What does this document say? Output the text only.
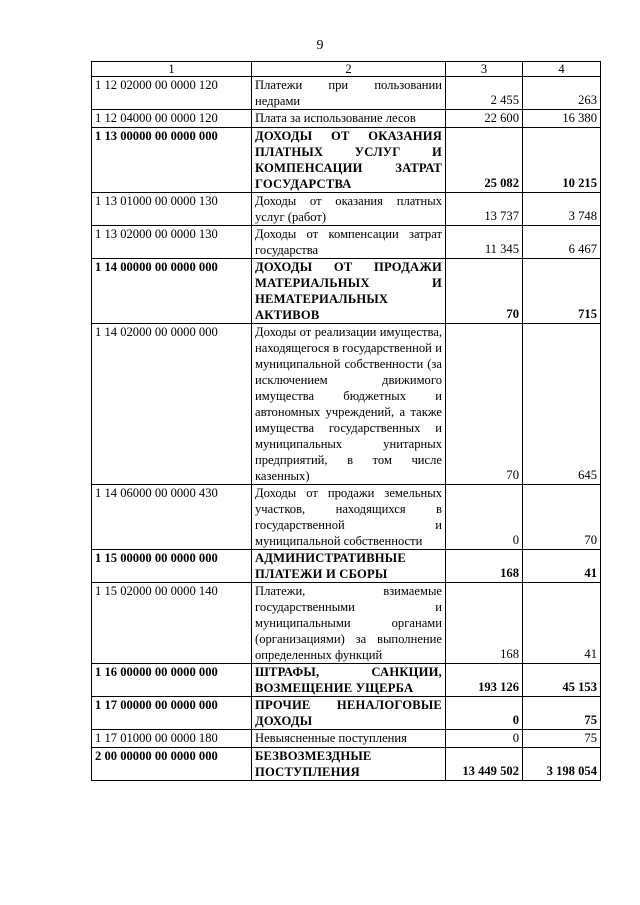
9
1	2	3	4
1 12 02000 00 0000 120	Платежи при пользовании недрами	2 455	263
1 12 04000 00 0000 120	Плата за использование лесов	22 600	16 380
1 13 00000 00 0000 000	ДОХОДЫ ОТ ОКАЗАНИЯ ПЛАТНЫХ УСЛУГ И КОМПЕНСАЦИИ ЗАТРАТ ГОСУДАРСТВА	25 082	10 215
1 13 01000 00 0000 130	Доходы от оказания платных услуг (работ)	13 737	3 748
1 13 02000 00 0000 130	Доходы от компенсации затрат государства	11 345	6 467
1 14 00000 00 0000 000	ДОХОДЫ ОТ ПРОДАЖИ МАТЕРИАЛЬНЫХ И НЕМАТЕРИАЛЬНЫХ АКТИВОВ	70	715
1 14 02000 00 0000 000	Доходы от реализации имущества, находящегося в государственной и муниципальной собственности (за исключением движимого имущества бюджетных и автономных учреждений, а также имущества государственных и муниципальных унитарных предприятий, в том числе казенных)	70	645
1 14 06000 00 0000 430	Доходы от продажи земельных участков, находящихся в государственной и муниципальной собственности	0	70
1 15 00000 00 0000 000	АДМИНИСТРАТИВНЫЕ ПЛАТЕЖИ И СБОРЫ	168	41
1 15 02000 00 0000 140	Платежи, взимаемые государственными и муниципальными органами (организациями) за выполнение определенных функций	168	41
1 16 00000 00 0000 000	ШТРАФЫ, САНКЦИИ, ВОЗМЕЩЕНИЕ УЩЕРБА	193 126	45 153
1 17 00000 00 0000 000	ПРОЧИЕ НЕНАЛОГОВЫЕ ДОХОДЫ	0	75
1 17 01000 00 0000 180	Невыясненные поступления	0	75
2 00 00000 00 0000 000	БЕЗВОЗМЕЗДНЫЕ ПОСТУПЛЕНИЯ	13 449 502	3 198 054
